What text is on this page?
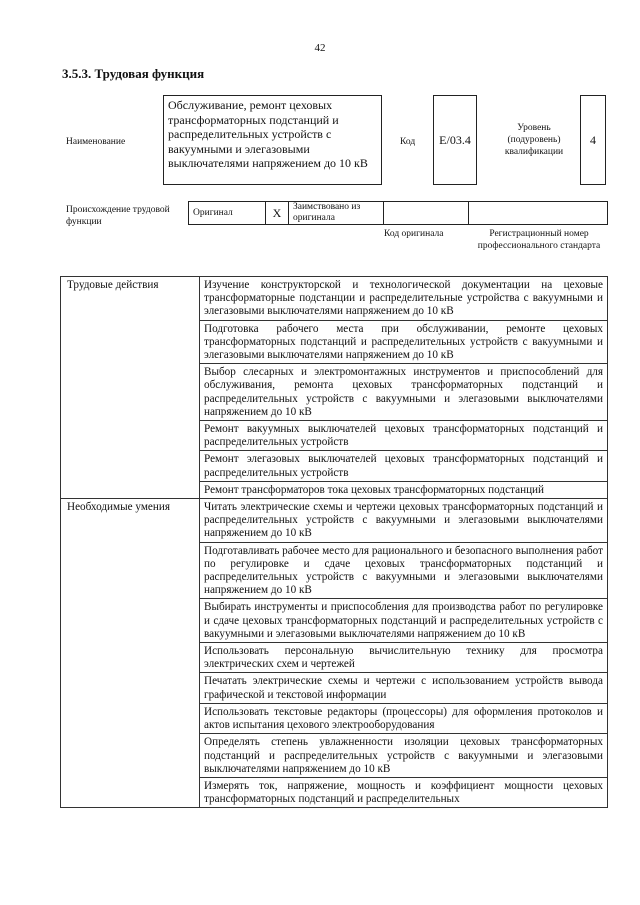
42
3.5.3. Трудовая функция
Наименование
Обслуживание, ремонт цеховых трансформаторных подстанций и распределительных устройств с вакуумными и элегазовыми выключателями напряжением до 10 кВ
Код	E/03.4
Уровень (подуровень) квалификации
4
Происхождение трудовой функции
Оригинал	X	Заимствовано из оригинала		
Код оригинала	Регистрационный номер профессионального стандарта
Трудовые действия	Изучение конструкторской и технологической документации на цеховые трансформаторные подстанции и распределительные устройства с вакуумными и элегазовыми выключателями напряжением до 10 кВ
	Подготовка рабочего места при обслуживании, ремонте цеховых трансформаторных подстанций и распределительных устройств с вакуумными и элегазовыми выключателями напряжением до 10 кВ
	Выбор слесарных и электромонтажных инструментов и приспособлений для обслуживания, ремонта цеховых трансформаторных подстанций и распределительных устройств с вакуумными и элегазовыми выключателями напряжением до 10 кВ
	Ремонт вакуумных выключателей цеховых трансформаторных подстанций и распределительных устройств
	Ремонт элегазовых выключателей цеховых трансформаторных подстанций и распределительных устройств
	Ремонт трансформаторов тока цеховых трансформаторных подстанций
Необходимые умения	Читать электрические схемы и чертежи цеховых трансформаторных подстанций и распределительных устройств с вакуумными и элегазовыми выключателями напряжением до 10 кВ
	Подготавливать рабочее место для рационального и безопасного выполнения работ по регулировке и сдаче цеховых трансформаторных подстанций и распределительных устройств с вакуумными и элегазовыми выключателями напряжением до 10 кВ
	Выбирать инструменты и приспособления для производства работ по регулировке и сдаче цеховых трансформаторных подстанций и распределительных устройств с вакуумными и элегазовыми выключателями напряжением до 10 кВ
	Использовать персональную вычислительную технику для просмотра электрических схем и чертежей
	Печатать электрические схемы и чертежи с использованием устройств вывода графической и текстовой информации
	Использовать текстовые редакторы (процессоры) для оформления протоколов и актов испытания цехового электрооборудования
	Определять степень увлажненности изоляции цеховых трансформаторных подстанций и распределительных устройств с вакуумными и элегазовыми выключателями напряжением до 10 кВ
	Измерять ток, напряжение, мощность и коэффициент мощности цеховых трансформаторных подстанций и распределительных
